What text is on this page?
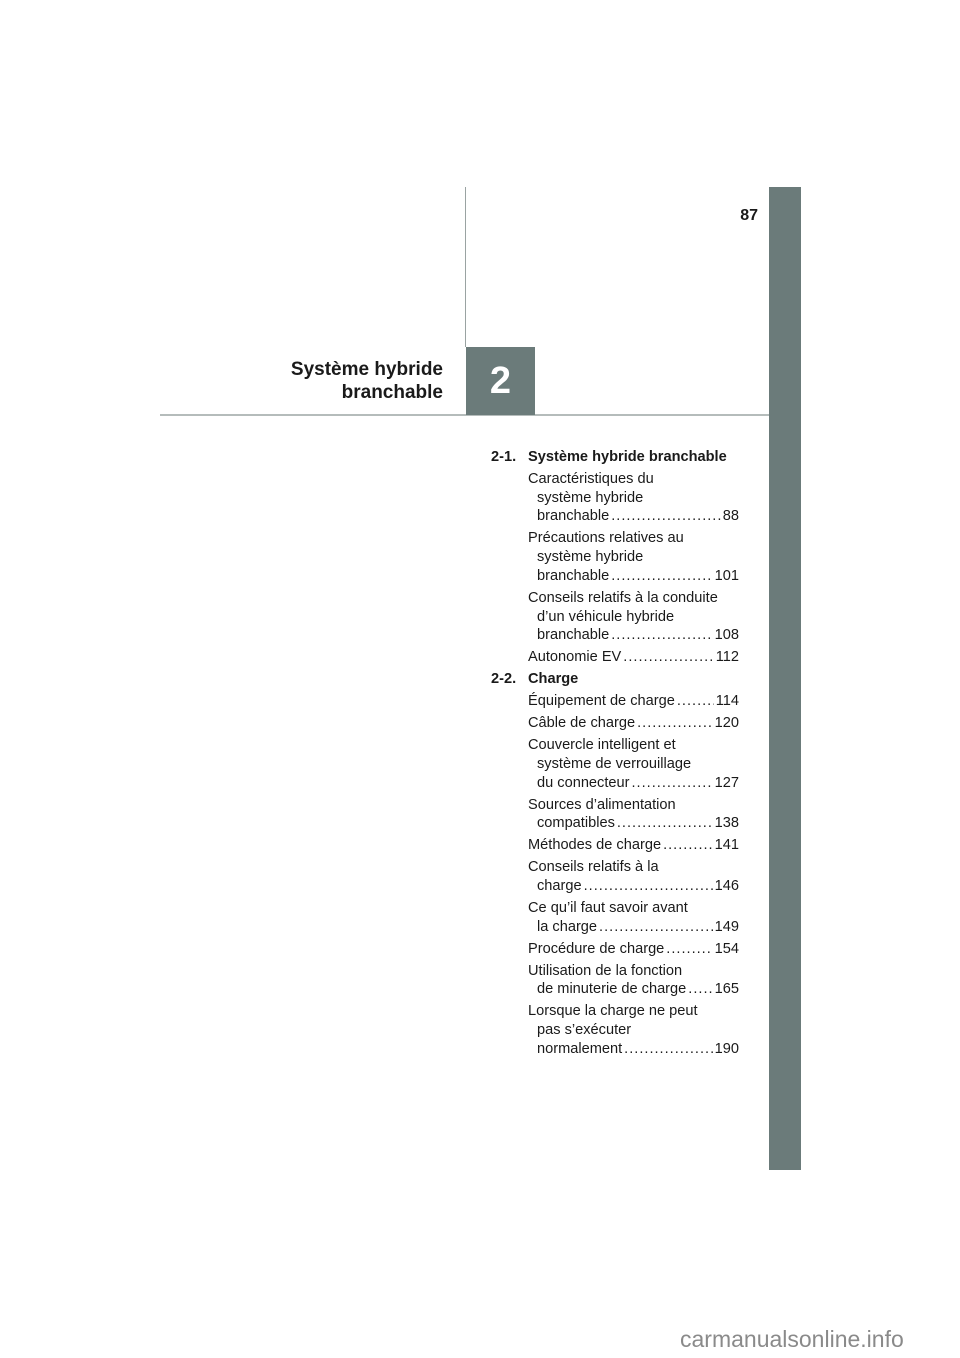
87
2
Système hybride
branchable
2-1. Système hybride branchable
Caractéristiques du
système hybride
branchable .....	88
Précautions relatives au
système hybride
branchable .....	101
Conseils relatifs à la conduite
d’un véhicule hybride
branchable .....	108
Autonomie EV .....	112
2-2. Charge
Équipement de charge .....	114
Câble de charge .....	120
Couvercle intelligent et
système de verrouillage
du connecteur .....	127
Sources d’alimentation
compatibles .....	138
Méthodes de charge .....	141
Conseils relatifs à la
charge .....	146
Ce qu’il faut savoir avant
la charge .....	149
Procédure de charge .....	154
Utilisation de la fonction
de minuterie de charge ..... 165
Lorsque la charge ne peut
pas s’exécuter
normalement .....	190
carmanualsonline.info
